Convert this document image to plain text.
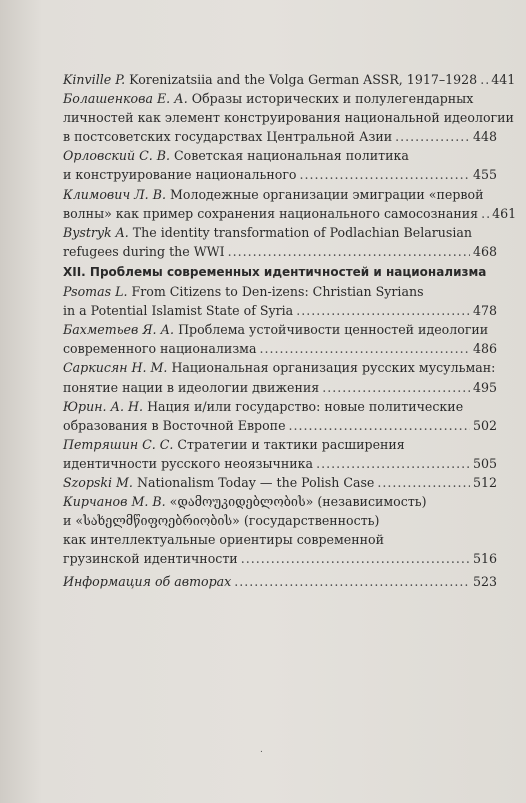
Kinville P.
Korenizatsiia and the Volga German ASSR, 1917–1928 ..... 441
Болашенкова Е. А.
Образы исторических и полулегендарных
личностей как элемент конструирования национальной идеологии
в постсоветских государствах Центральной Азии .....	448
Орловский С. В.
Советская национальная политика
и конструирование национального .....	455
Климович Л. В.
Молодежные организации эмиграции «первой
волны» как пример сохранения национального самосознания ..... 461
Bystryk A.
The identity transformation of Podlachian Belarusian
refugees during the WWI .....	468
XII. Проблемы современных идентичностей и национализма
Psomas L.
From Citizens to Den-izens: Christian Syrians
in a Potential Islamist State of Syria .....	478
Бахметьев Я. А.
Проблема устойчивости ценностей идеологии
современного национализма .....	486
Саркисян Н. М.
Национальная организация русских мусульман:
понятие нации в идеологии движения .....	495
Юрин. А. Н.
Нация и/или государство: новые политические
образования в Восточной Европе .....	502
Петряшин С. С.
Стратегии и тактики расширения
идентичности русского неоязычника .....	505
Szopski M.
Nationalism Today — the Polish Case .....	512
Кирчанов М. В.
«დამოუკიდებლობის» (независимость)
и «სახელმწიფოებრიობის» (государственность)
как интеллектуальные ориентиры современной
грузинской идентичности .....	516
Информация об авторах .....	523
.
